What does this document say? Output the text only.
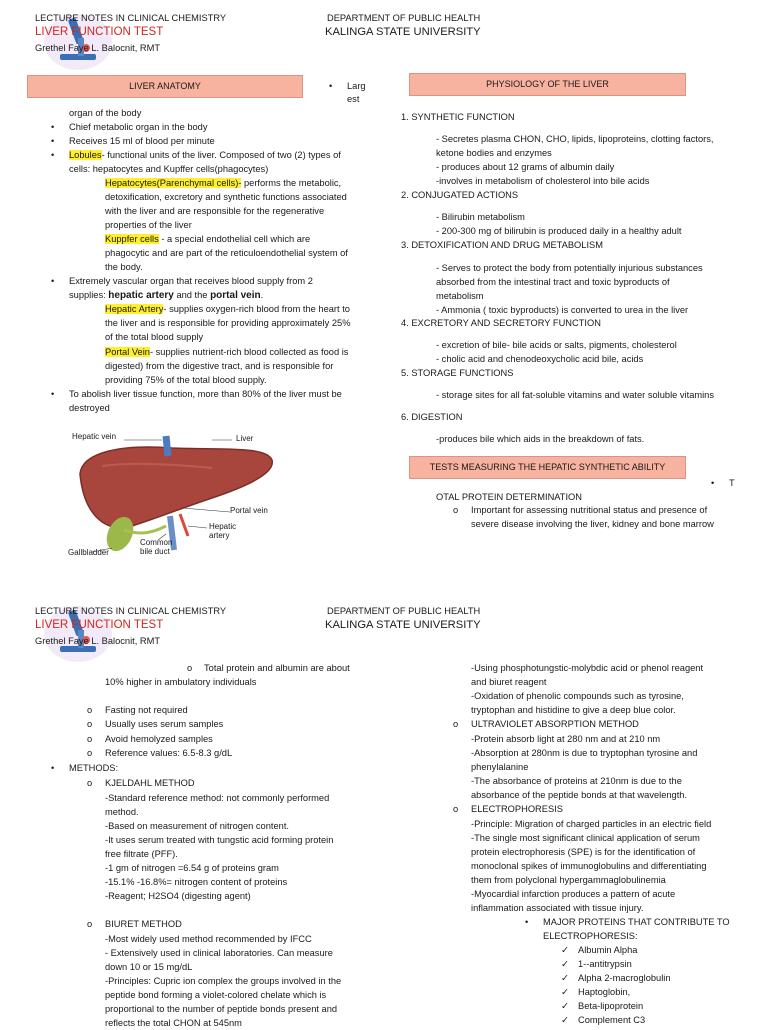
LECTURE NOTES IN CLINICAL CHEMISTRY
LIVER FUNCTION TEST
Grethel Faye L. Balocnit, RMT
DEPARTMENT OF PUBLIC HEALTH
KALINGA STATE UNIVERSITY
LIVER ANATOMY	• Larg
est
organ of the body
• Chief metabolic organ in the body
• Receives 15 ml of blood per minute
• Lobules- functional units of the liver. Composed of two (2) types of
cells: hepatocytes and Kupffer cells(phagocytes)
Hepatocytes(Parenchymal cells)- performs the metabolic,
detoxification, excretory and synthetic functions associated
with the liver and are responsible for the regenerative
properties of the liver
Kuppfer cells - a special endothelial cell which are
phagocytic and are part of the reticuloendothelial system of
the body.
• Extremely vascular organ that receives blood supply from 2
supplies: hepatic artery and the portal vein.
Hepatic Artery- supplies oxygen-rich blood from the heart to
the liver and is responsible for providing approximately 25%
of the total blood supply
Portal Vein- supplies nutrient-rich blood collected as food is
digested) from the digestive tract, and is responsible for
providing 75% of the total blood supply.
• To abolish liver tissue function, more than 80% of the liver must be
destroyed
Hepatic vein	Liver
Portal vein
Hepatic
artery
Common
bile duct
Gallbladder
PHYSIOLOGY OF THE LIVER
1. SYNTHETIC FUNCTION
- Secretes plasma CHON, CHO, lipids, lipoproteins, clotting factors,
ketone bodies and enzymes
- produces about 12 grams of albumin daily
-involves in metabolism of cholesterol into bile acids
2. CONJUGATED ACTIONS
- Bilirubin metabolism
- 200-300 mg of bilirubin is produced daily in a healthy adult
3. DETOXIFICATION AND DRUG METABOLISM
- Serves to protect the body from potentially injurious substances
absorbed from the intestinal tract and toxic byproducts of
metabolism
- Ammonia ( toxic byproducts) is converted to urea in the liver
4. EXCRETORY AND SECRETORY FUNCTION
- excretion of bile- bile acids or salts, pigments, cholesterol
- cholic acid and chenodeoxycholic acid bile, acids
5. STORAGE FUNCTIONS
- storage sites for all fat-soluble vitamins and water soluble vitamins
6. DIGESTION
-produces bile which aids in the breakdown of fats.
TESTS MEASURING THE HEPATIC SYNTHETIC ABILITY
• T
OTAL PROTEIN DETERMINATION
o Important for assessing nutritional status and presence of
severe disease involving the liver, kidney and bone marrow
LECTURE NOTES IN CLINICAL CHEMISTRY
LIVER FUNCTION TEST
Grethel Faye L. Balocnit, RMT
DEPARTMENT OF PUBLIC HEALTH
KALINGA STATE UNIVERSITY
o Total protein and albumin are about
10% higher in ambulatory individuals
o Fasting not required
o Usually uses serum samples
o Avoid hemolyzed samples
o Reference values: 6.5-8.3 g/dL
• METHODS:
o KJELDAHL METHOD
-Standard reference method: not commonly performed
method.
-Based on measurement of nitrogen content.
-It uses serum treated with tungstic acid forming protein
free filtrate (PFF).
-1 gm of nitrogen =6.54 g of proteins gram
-15.1% -16.8%= nitrogen content of proteins
-Reagent; H2SO4 (digesting agent)
o BIURET METHOD
-Most widely used method recommended by IFCC
- Extensively used in clinical laboratories. Can measure
down 10 or 15 mg/dL
-Principles: Cupric ion complex the groups involved in the
peptide bond forming a violet-colored chelate which is
proportional to the number of peptide bonds present and
reflects the total CHON at 545nm
-Using phosphotungstic-molybdic acid or phenol reagent
and biuret reagent
-Oxidation of phenolic compounds such as tyrosine,
tryptophan and histidine to give a deep blue color.
o ULTRAVIOLET ABSORPTION METHOD
-Protein absorb light at 280 nm and at 210 nm
-Absorption at 280nm is due to tryptophan tyrosine and
phenylalanine
-The absorbance of proteins at 210nm is due to the
absorbance of the peptide bonds at that wavelength.
o ELECTROPHORESIS
-Principle: Migration of charged particles in an electric field
-The single most significant clinical application of serum
protein electrophoresis (SPE) is for the identification of
monoclonal spikes of immunoglobulins and differentiating
them from polyclonal hypergammaglobulinemia
-Myocardial infarction produces a pattern of acute
inflammation associated with tissue injury.
• MAJOR PROTEINS THAT CONTRIBUTE TO
ELECTROPHORESIS:
✓ Albumin Alpha
✓ 1--antitrypsin
✓ Alpha 2-macroglobulin
✓ Haptoglobin,
✓ Beta-lipoprotein
✓ Complement C3
